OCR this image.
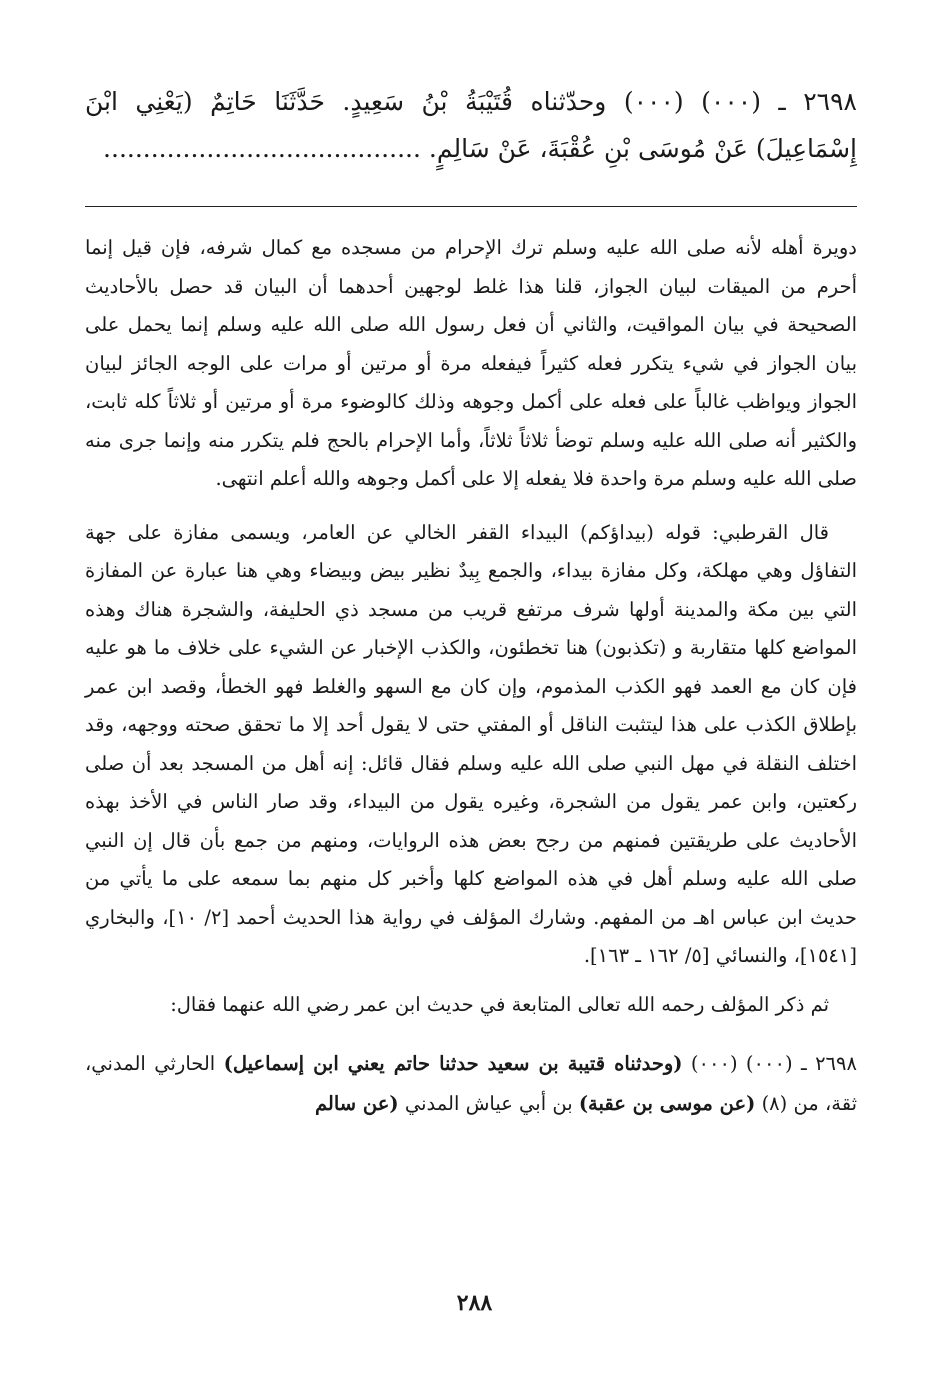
٢٦٩٨ ـ (٠٠٠) (٠٠٠) وحدّثناه قُتَيْبَةُ بْنُ سَعِيدٍ. حَدَّثَنَا حَاتِمٌ (يَعْنِي ابْنَ إِسْمَاعِيلَ) عَنْ مُوسَى بْنِ عُقْبَةَ، عَنْ سَالِمٍ. ........................................

دويرة أهله لأنه صلى الله عليه وسلم ترك الإحرام من مسجده مع كمال شرفه، فإن قيل إنما أحرم من الميقات لبيان الجواز، قلنا هذا غلط لوجهين أحدهما أن البيان قد حصل بالأحاديث الصحيحة في بيان المواقيت، والثاني أن فعل رسول الله صلى الله عليه وسلم إنما يحمل على بيان الجواز في شيء يتكرر فعله كثيراً فيفعله مرة أو مرتين أو مرات على الوجه الجائز لبيان الجواز ويواظب غالباً على فعله على أكمل وجوهه وذلك كالوضوء مرة أو مرتين أو ثلاثاً كله ثابت، والكثير أنه صلى الله عليه وسلم توضأ ثلاثاً ثلاثاً، وأما الإحرام بالحج فلم يتكرر منه وإنما جرى منه صلى الله عليه وسلم مرة واحدة فلا يفعله إلا على أكمل وجوهه والله أعلم انتهى.

قال القرطبي: قوله (بيداؤكم) البيداء القفر الخالي عن العامر، ويسمى مفازة على جهة التفاؤل وهي مهلكة، وكل مفازة بيداء، والجمع بِيدٌ نظير بيض وبيضاء وهي هنا عبارة عن المفازة التي بين مكة والمدينة أولها شرف مرتفع قريب من مسجد ذي الحليفة، والشجرة هناك وهذه المواضع كلها متقاربة و (تكذبون) هنا تخطئون، والكذب الإخبار عن الشيء على خلاف ما هو عليه فإن كان مع العمد فهو الكذب المذموم، وإن كان مع السهو والغلط فهو الخطأ، وقصد ابن عمر بإطلاق الكذب على هذا ليتثبت الناقل أو المفتي حتى لا يقول أحد إلا ما تحقق صحته ووجهه، وقد اختلف النقلة في مهل النبي صلى الله عليه وسلم فقال قائل: إنه أهل من المسجد بعد أن صلى ركعتين، وابن عمر يقول من الشجرة، وغيره يقول من البيداء، وقد صار الناس في الأخذ بهذه الأحاديث على طريقتين فمنهم من رجح بعض هذه الروايات، ومنهم من جمع بأن قال إن النبي صلى الله عليه وسلم أهل في هذه المواضع كلها وأخبر كل منهم بما سمعه على ما يأتي من حديث ابن عباس اهـ من المفهم. وشارك المؤلف في رواية هذا الحديث أحمد [٢/ ١٠]، والبخاري [١٥٤١]، والنسائي [٥/ ١٦٢ ـ ١٦٣].

ثم ذكر المؤلف رحمه الله تعالى المتابعة في حديث ابن عمر رضي الله عنهما فقال:

٢٦٩٨ ـ (٠٠٠) (٠٠٠) (وحدثناه قتيبة بن سعيد حدثنا حاتم يعني ابن إسماعيل) الحارثي المدني، ثقة، من (٨) (عن موسى بن عقبة) بن أبي عياش المدني (عن سالم

٢٨٨
